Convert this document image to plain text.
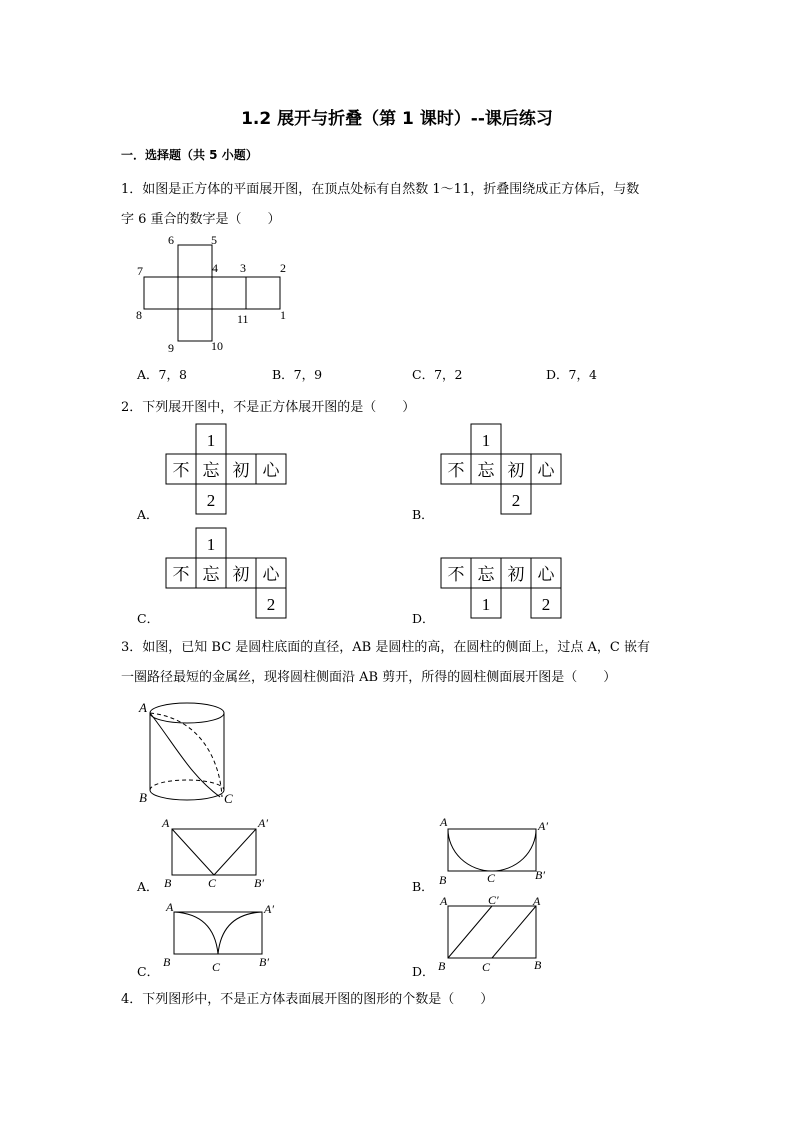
1.2 展开与折叠（第 1 课时）--课后练习
一．选择题（共 5 小题）
1．如图是正方体的平面展开图，在顶点处标有自然数 1～11，折叠围绕成正方体后，与数
字 6 重合的数字是（　　）
6	5
7	4 3	2
8	11	1
9	10
A．7，8	B．7，9	C．7，2	D．7，4
2．下列展开图中，不是正方体展开图的是（　　）
1
不 忘 初 心
2
1
不 忘 初 心
2
1
不 忘 初 心
2
不 忘 初 心
1	2
A．	B．
C．	D．
3．如图，已知 BC 是圆柱底面的直径，AB 是圆柱的高，在圆柱的侧面上，过点 A，C 嵌有
一圈路径最短的金属丝，现将圆柱侧面沿 AB 剪开，所得的圆柱侧面展开图是（　　）
A
B	C
A	A′
B	C	B′
A	A′
B	C	B′
A	A′
B	C	B′
A	C′	A
B	C	B
A．	B．
C．	D．
4．下列图形中，不是正方体表面展开图的图形的个数是（　　）
